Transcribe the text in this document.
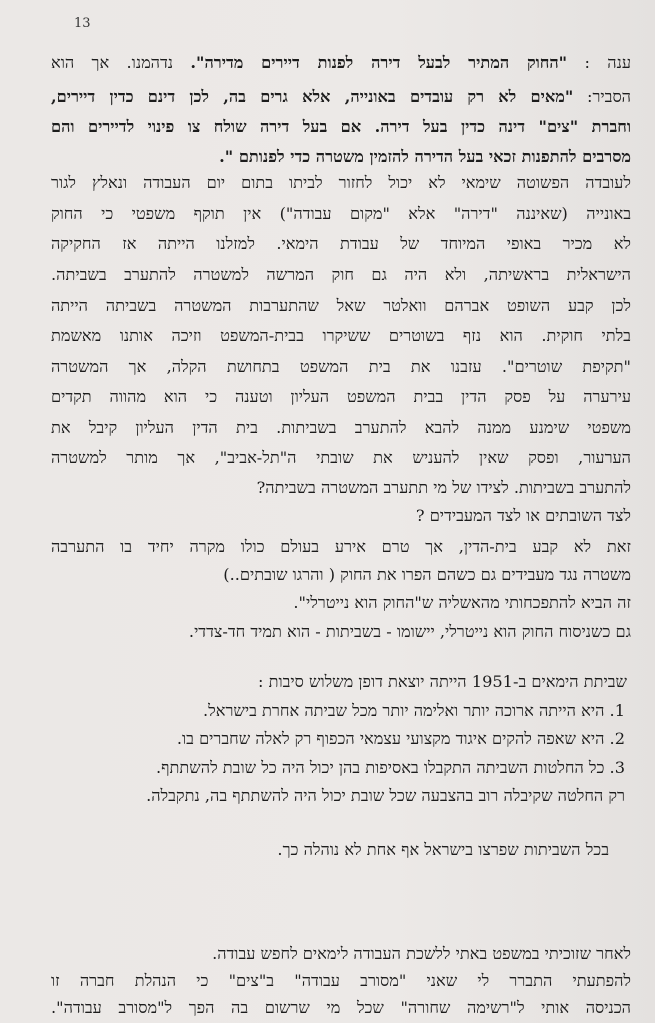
13
ענה : "החוק המתיר לבעל דירה לפנות דיירים מדירה". נדהמנו. אך הוא
הסביר: "מאים לא רק עובדים באונייה, אלא גרים בה, לכן דינם כדין דיירים,
וחברת "צים" דינה כדין בעל דירה. אם בעל דירה שולח צו פינוי לדיירים והם
מסרבים להתפנות זכאי בעל הדירה להזמין משטרה כדי לפנותם ".
לעובדה הפשוטה שימאי לא יכול לחזור לביתו בתום יום העבודה ונאלץ לגור
באונייה (שאיננה "דירה" אלא "מקום עבודה") אין תוקף משפטי כי החוק
לא מכיר באופי המיוחד של עבודת הימאי. למזלנו הייתה אז החקיקה
הישראלית בראשיתה, ולא היה גם חוק המרשה למשטרה להתערב בשביתה.
לכן קבע השופט אברהם וואלטר שאל שהתערבות המשטרה בשביתה הייתה
בלתי חוקית. הוא נזף בשוטרים ששיקרו בבית-המשפט וזיכה אותנו מאשמת
"תקיפת שוטרים". עזבנו את בית המשפט בתחושת הקלה, אך המשטרה
עירערה על פסק הדין בבית המשפט העליון וטענה כי הוא מהווה תקדים
משפטי שימנע ממנה להבא להתערב בשביתות. בית הדין העליון קיבל את
הערעור, ופסק שאין להעניש את שובתי ה"תל-אביב", אך מותר למשטרה
להתערב בשביתות. לצידו של מי תתערב המשטרה בשביתה?
לצד השובתים או לצד המעבידים ?
זאת לא קבע בית-הדין, אך טרם אירע בעולם כולו מקרה יחיד בו התערבה
משטרה נגד מעבידים גם כשהם הפרו את החוק ( והרגו שובתים..)
זה הביא להתפכחותי מהאשליה ש"החוק הוא נייטרלי".
גם כשניסוח החוק הוא נייטרלי, יישומו - בשביתות - הוא תמיד חד-צדדי.
שביתת הימאים ב-1951 הייתה יוצאת דופן משלוש סיבות :
1. היא הייתה ארוכה יותר ואלימה יותר מכל שביתה אחרת בישראל.
2. היא שאפה להקים איגוד מקצועי עצמאי הכפוף רק לאלה שחברים בו.
3. כל החלטות השביתה התקבלו באסיפות בהן יכול היה כל שובת להשתתף.
רק החלטה שקיבלה רוב בהצבעה שכל שובת יכול היה להשתתף בה, נתקבלה.
בכל השביתות שפרצו בישראל אף אחת לא נוהלה כך.
לאחר שזוכיתי במשפט באתי ללשכת העבודה לימאים לחפש עבודה.
להפתעתי התברר לי שאני "מסורב עבודה" ב"צים" כי הנהלת חברה זו
הכניסה אותי ל"רשימה שחורה" שכל מי שרשום בה הפך ל"מסורב עבודה".
